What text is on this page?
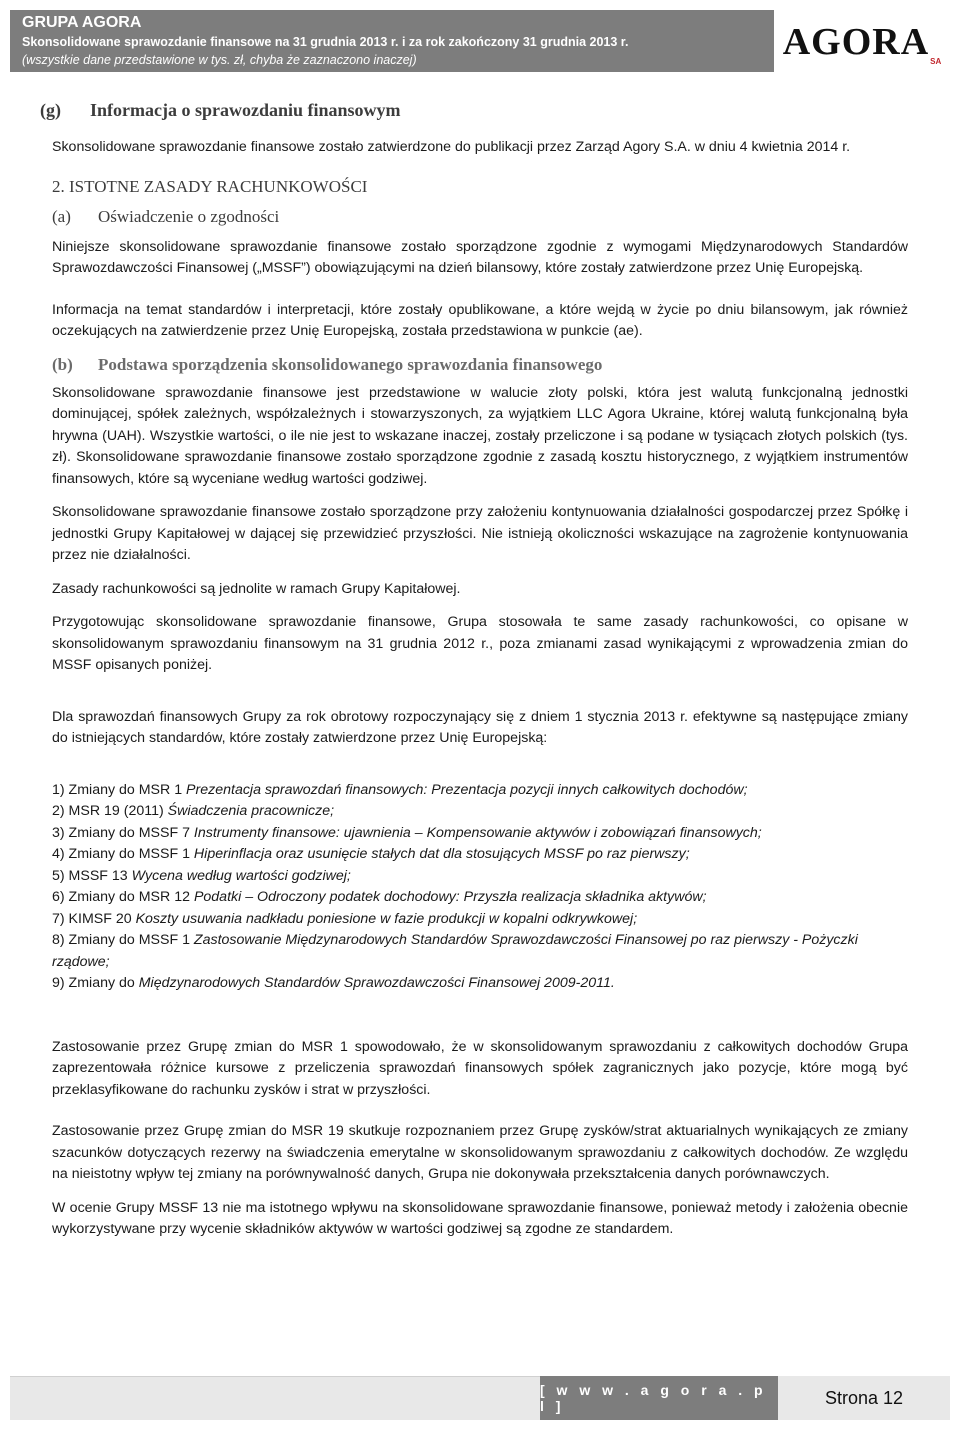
GRUPA AGORA
Skonsolidowane sprawozdanie finansowe na 31 grudnia 2013 r. i za rok zakończony 31 grudnia 2013 r.
(wszystkie dane przedstawione w tys. zł, chyba że zaznaczono inaczej)	AGORA SA
(g) Informacja o sprawozdaniu finansowym

Skonsolidowane sprawozdanie finansowe zostało zatwierdzone do publikacji przez Zarząd Agory S.A. w dniu 4 kwietnia 2014 r.

2. ISTOTNE ZASADY RACHUNKOWOŚCI
(a) Oświadczenie o zgodności

Niniejsze skonsolidowane sprawozdanie finansowe zostało sporządzone zgodnie z wymogami Międzynarodowych Standardów Sprawozdawczości Finansowej („MSSF”) obowiązującymi na dzień bilansowy, które zostały zatwierdzone przez Unię Europejską.

Informacja na temat standardów i interpretacji, które zostały opublikowane, a które wejdą w życie po dniu bilansowym, jak również oczekujących na zatwierdzenie przez Unię Europejską, została przedstawiona w punkcie (ae).

(b) Podstawa sporządzenia skonsolidowanego sprawozdania finansowego

Skonsolidowane sprawozdanie finansowe jest przedstawione w walucie złoty polski, która jest walutą funkcjonalną jednostki dominującej, spółek zależnych, współzależnych i stowarzyszonych, za wyjątkiem LLC Agora Ukraine, której walutą funkcjonalną była hrywna (UAH). Wszystkie wartości, o ile nie jest to wskazane inaczej, zostały przeliczone i są podane w tysiącach złotych polskich (tys. zł). Skonsolidowane sprawozdanie finansowe zostało sporządzone zgodnie z zasadą kosztu historycznego, z wyjątkiem instrumentów finansowych, które są wyceniane według wartości godziwej.

Skonsolidowane sprawozdanie finansowe zostało sporządzone przy założeniu kontynuowania działalności gospodarczej przez Spółkę i jednostki Grupy Kapitałowej w dającej się przewidzieć przyszłości. Nie istnieją okoliczności wskazujące na zagrożenie kontynuowania przez nie działalności.

Zasady rachunkowości są jednolite w ramach Grupy Kapitałowej.

Przygotowując skonsolidowane sprawozdanie finansowe, Grupa stosowała te same zasady rachunkowości, co opisane w skonsolidowanym sprawozdaniu finansowym na 31 grudnia 2012 r., poza zmianami zasad wynikającymi z wprowadzenia zmian do MSSF opisanych poniżej.

Dla sprawozdań finansowych Grupy za rok obrotowy rozpoczynający się z dniem 1 stycznia 2013 r. efektywne są następujące zmiany do istniejących standardów, które zostały zatwierdzone przez Unię Europejską:

1) Zmiany do MSR 1 Prezentacja sprawozdań finansowych: Prezentacja pozycji innych całkowitych dochodów;
2) MSR 19 (2011) Świadczenia pracownicze;
3) Zmiany do MSSF 7 Instrumenty finansowe: ujawnienia – Kompensowanie aktywów i zobowiązań finansowych;
4) Zmiany do MSSF 1 Hiperinflacja oraz usunięcie stałych dat dla stosujących MSSF po raz pierwszy;
5) MSSF 13 Wycena według wartości godziwej;
6) Zmiany do MSR 12 Podatki – Odroczony podatek dochodowy: Przyszła realizacja składnika aktywów;
7) KIMSF 20 Koszty usuwania nadkładu poniesione w fazie produkcji w kopalni odkrywkowej;
8) Zmiany do MSSF 1 Zastosowanie Międzynarodowych Standardów Sprawozdawczości Finansowej po raz pierwszy - Pożyczki rządowe;
9) Zmiany do Międzynarodowych Standardów Sprawozdawczości Finansowej 2009-2011.

Zastosowanie przez Grupę zmian do MSR 1 spowodowało, że w skonsolidowanym sprawozdaniu z całkowitych dochodów Grupa zaprezentowała różnice kursowe z przeliczenia sprawozdań finansowych spółek zagranicznych jako pozycje, które mogą być przeklasyfikowane do rachunku zysków i strat w przyszłości.

Zastosowanie przez Grupę zmian do MSR 19 skutkuje rozpoznaniem przez Grupę zysków/strat aktuarialnych wynikających ze zmiany szacunków dotyczących rezerwy na świadczenia emerytalne w skonsolidowanym sprawozdaniu z całkowitych dochodów. Ze względu na nieistotny wpływ tej zmiany na porównywalność danych, Grupa nie dokonywała przekształcenia danych porównawczych.

W ocenie Grupy MSSF 13 nie ma istotnego wpływu na skonsolidowane sprawozdanie finansowe, ponieważ metody i założenia obecnie wykorzystywane przy wycenie składników aktywów w wartości godziwej są zgodne ze standardem.

[ w w w . a g o r a . p l ]	Strona 12
